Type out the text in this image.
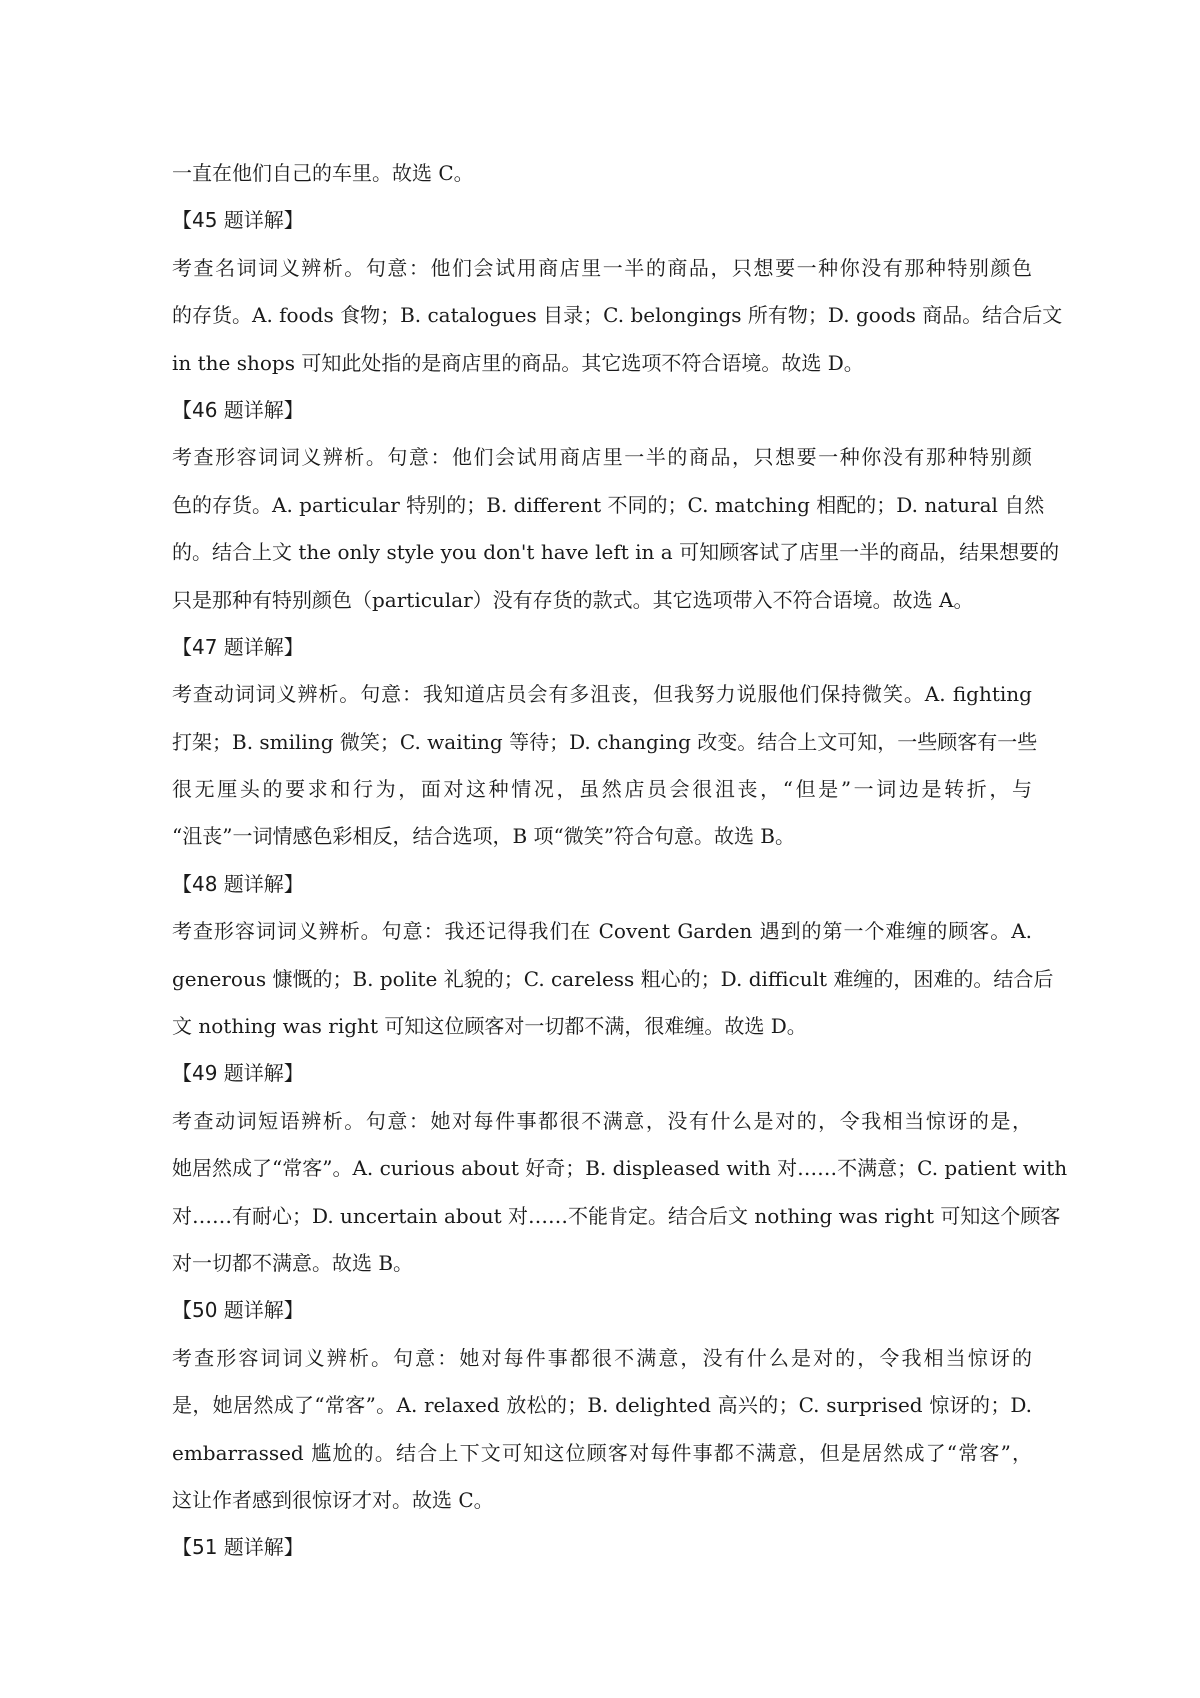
一直在他们自己的车里。故选 C。
【45 题详解】
考查名词词义辨析。句意：他们会试用商店里一半的商品，只想要一种你没有那种特别颜色
的存货。A. foods 食物；B. catalogues 目录；C. belongings 所有物；D. goods 商品。结合后文
in the shops 可知此处指的是商店里的商品。其它选项不符合语境。故选 D。
【46 题详解】
考查形容词词义辨析。句意：他们会试用商店里一半的商品，只想要一种你没有那种特别颜
色的存货。A. particular 特别的；B. different 不同的；C. matching 相配的；D. natural 自然
的。结合上文 the only style you don't have left in a 可知顾客试了店里一半的商品，结果想要的
只是那种有特别颜色（particular）没有存货的款式。其它选项带入不符合语境。故选 A。
【47 题详解】
考查动词词义辨析。句意：我知道店员会有多沮丧，但我努力说服他们保持微笑。A. fighting
打架；B. smiling 微笑；C. waiting 等待；D. changing 改变。结合上文可知，一些顾客有一些
很无厘头的要求和行为，面对这种情况，虽然店员会很沮丧，“但是”一词边是转折，与
“沮丧”一词情感色彩相反，结合选项，B 项“微笑”符合句意。故选 B。
【48 题详解】
考查形容词词义辨析。句意：我还记得我们在 Covent Garden 遇到的第一个难缠的顾客。A.
generous 慷慨的；B. polite 礼貌的；C. careless 粗心的；D. difficult 难缠的，困难的。结合后
文 nothing was right 可知这位顾客对一切都不满，很难缠。故选 D。
【49 题详解】
考查动词短语辨析。句意：她对每件事都很不满意，没有什么是对的，令我相当惊讶的是，
她居然成了“常客”。A. curious about 好奇；B. displeased with 对……不满意；C. patient with
对……有耐心；D. uncertain about 对……不能肯定。结合后文 nothing was right 可知这个顾客
对一切都不满意。故选 B。
【50 题详解】
考查形容词词义辨析。句意：她对每件事都很不满意，没有什么是对的，令我相当惊讶的
是，她居然成了“常客”。A. relaxed 放松的；B. delighted 高兴的；C. surprised 惊讶的；D.
embarrassed 尴尬的。结合上下文可知这位顾客对每件事都不满意，但是居然成了“常客”，
这让作者感到很惊讶才对。故选 C。
【51 题详解】
